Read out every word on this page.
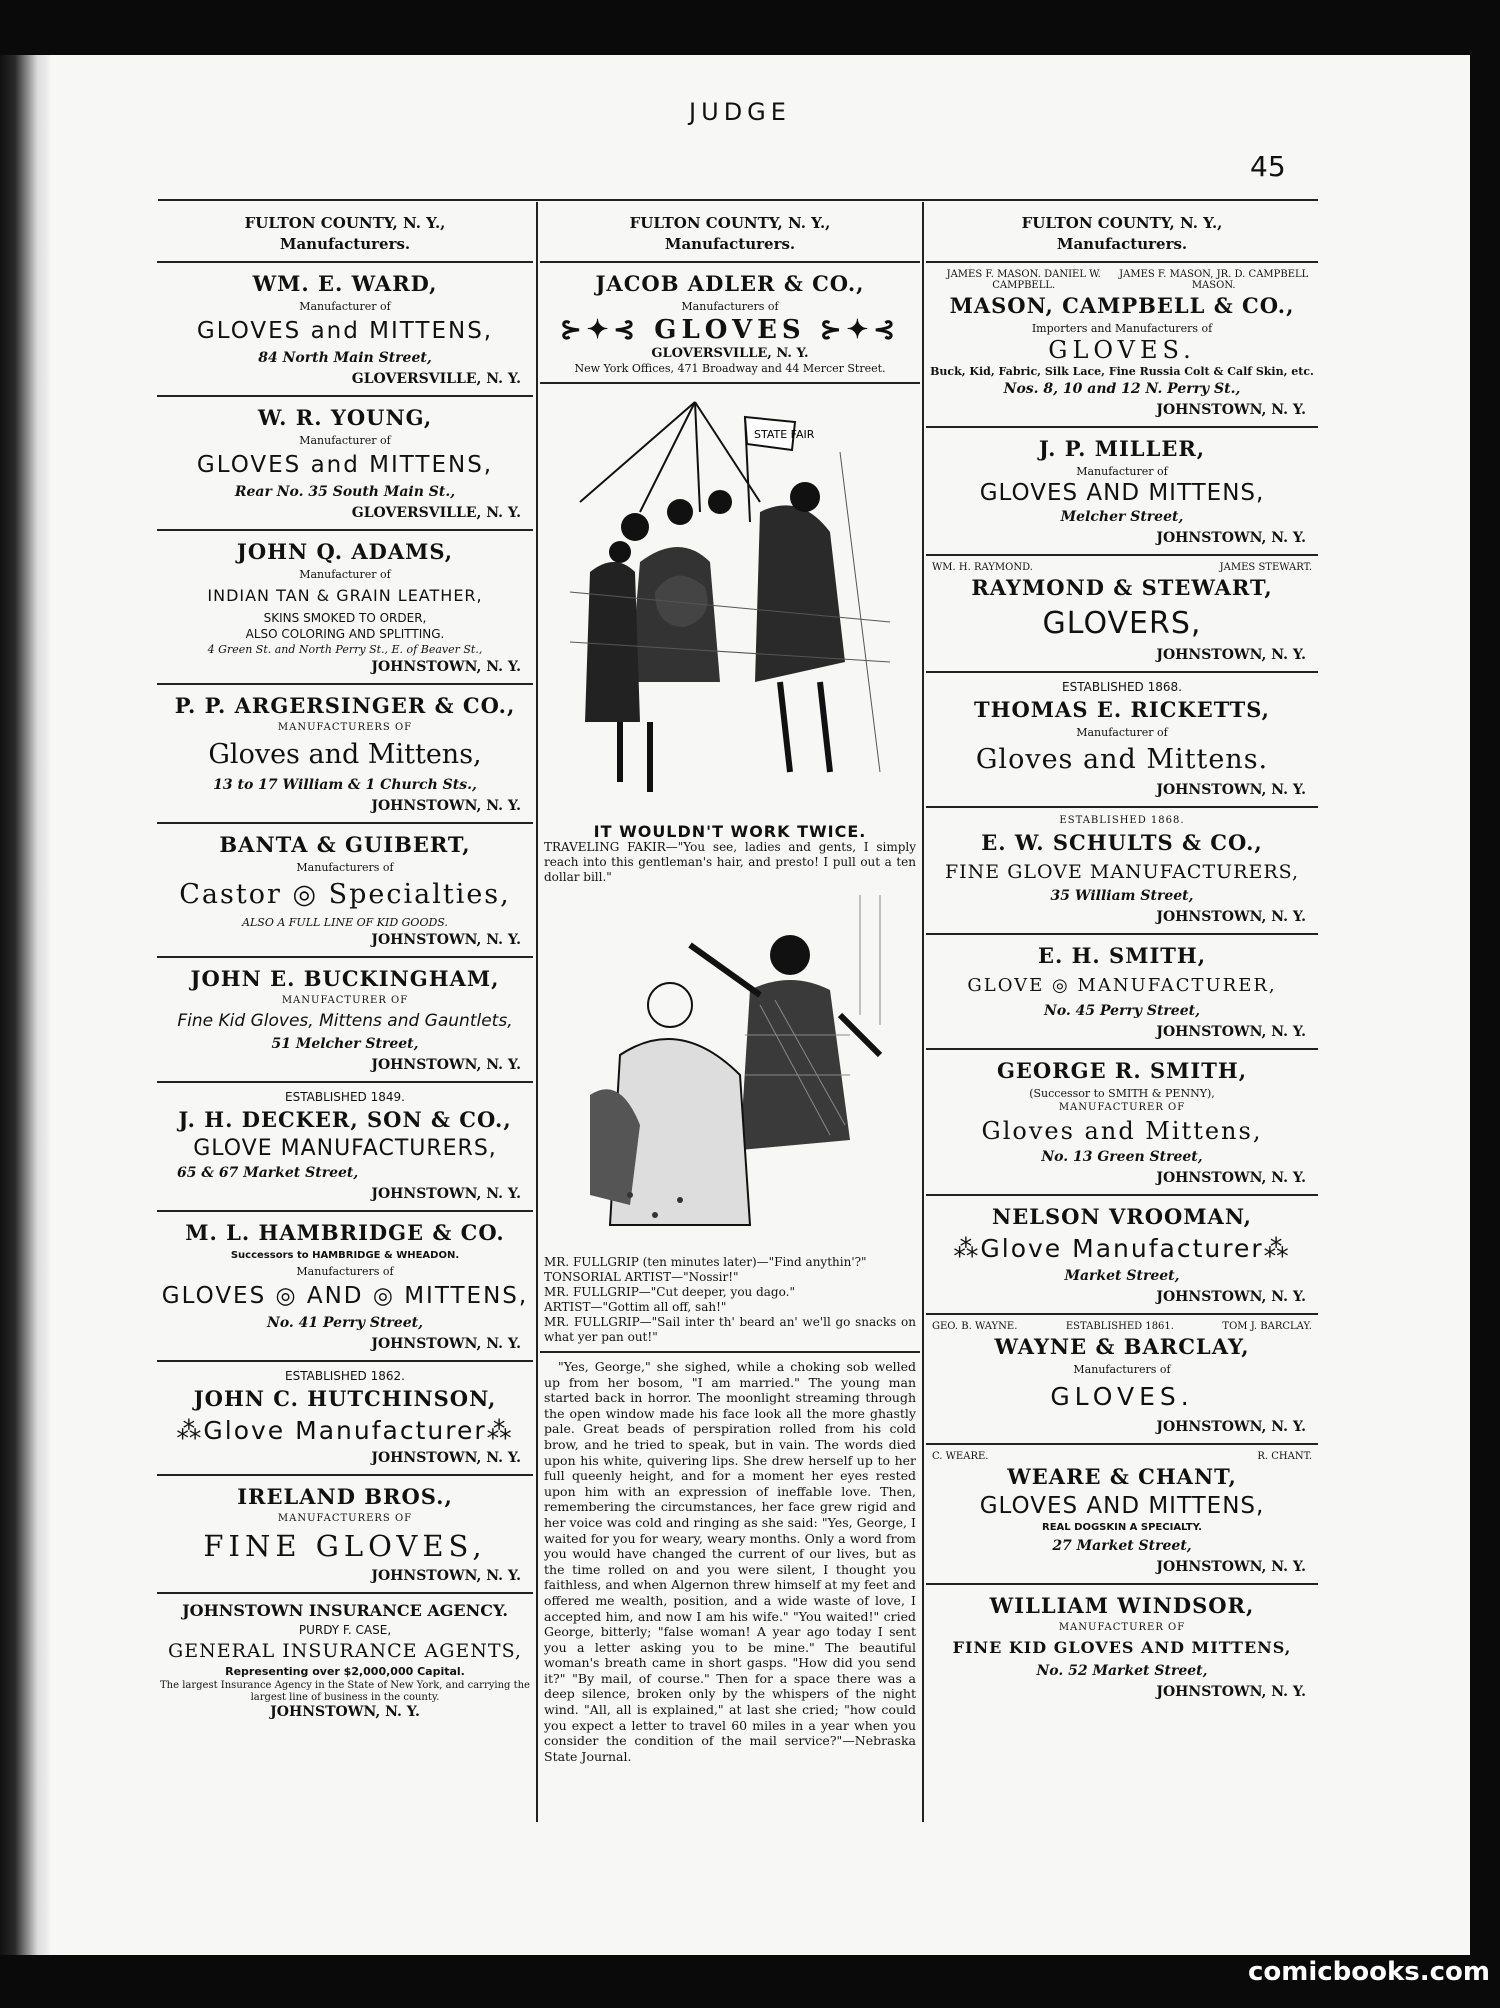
JUDGE
45
FULTON COUNTY, N. Y.,
Manufacturers.
WM. E. WARD,
Manufacturer of
GLOVES and MITTENS,
84 North Main Street,
GLOVERSVILLE, N. Y.
W. R. YOUNG,
Manufacturer of
GLOVES and MITTENS,
Rear No. 35 South Main St.,
GLOVERSVILLE, N. Y.
JOHN Q. ADAMS,
Manufacturer of
INDIAN TAN & GRAIN LEATHER,
SKINS SMOKED TO ORDER,
ALSO COLORING AND SPLITTING.
4 Green St. and North Perry St., E. of Beaver St.,
JOHNSTOWN, N. Y.
P. P. ARGERSINGER & CO.,
MANUFACTURERS OF
Gloves and Mittens,
13 to 17 William & 1 Church Sts.,
JOHNSTOWN, N. Y.
BANTA & GUIBERT,
Manufacturers of
Castor ◎ Specialties,
ALSO A FULL LINE OF KID GOODS.
JOHNSTOWN, N. Y.
JOHN E. BUCKINGHAM,
MANUFACTURER OF
Fine Kid Gloves, Mittens and Gauntlets,
51 Melcher Street,
JOHNSTOWN, N. Y.
ESTABLISHED 1849.
J. H. DECKER, SON & CO.,
GLOVE MANUFACTURERS,
65 & 67 Market Street,
JOHNSTOWN, N. Y.
M. L. HAMBRIDGE & CO.
Successors to HAMBRIDGE & WHEADON.
Manufacturers of
GLOVES ◎ AND ◎ MITTENS,
No. 41 Perry Street,
JOHNSTOWN, N. Y.
ESTABLISHED 1862.
JOHN C. HUTCHINSON,
⁂Glove Manufacturer⁂
JOHNSTOWN, N. Y.
IRELAND BROS.,
MANUFACTURERS OF
FINE GLOVES,
JOHNSTOWN, N. Y.
JOHNSTOWN INSURANCE AGENCY.
PURDY F. CASE,
GENERAL INSURANCE AGENTS,
Representing over $2,000,000 Capital.
The largest Insurance Agency in the State of New York, and carrying the largest line of business in the county.
JOHNSTOWN, N. Y.
FULTON COUNTY, N. Y.,
Manufacturers.
JACOB ADLER & CO.,
Manufacturers of
⊱✦⊰ GLOVES ⊱✦⊰
GLOVERSVILLE, N. Y.
New York Offices, 471 Broadway and 44 Mercer Street.
STATE FAIR
IT WOULDN'T WORK TWICE.
TRAVELING FAKIR—"You see, ladies and gents, I simply reach into this gentleman's hair, and presto! I pull out a ten dollar bill."
MR. FULLGRIP (ten minutes later)—"Find anythin'?"
TONSORIAL ARTIST—"Nossir!"
MR. FULLGRIP—"Cut deeper, you dago."
ARTIST—"Gottim all off, sah!"
MR. FULLGRIP—"Sail inter th' beard an' we'll go snacks on what yer pan out!"
"Yes, George," she sighed, while a choking sob welled up from her bosom, "I am married." The young man started back in horror. The moonlight streaming through the open window made his face look all the more ghastly pale. Great beads of perspiration rolled from his cold brow, and he tried to speak, but in vain. The words died upon his white, quivering lips. She drew herself up to her full queenly height, and for a moment her eyes rested upon him with an expression of ineffable love. Then, remembering the circumstances, her face grew rigid and her voice was cold and ringing as she said: "Yes, George, I waited for you for weary, weary months. Only a word from you would have changed the current of our lives, but as the time rolled on and you were silent, I thought you faithless, and when Algernon threw himself at my feet and offered me wealth, position, and a wide waste of love, I accepted him, and now I am his wife." "You waited!" cried George, bitterly; "false woman! A year ago today I sent you a letter asking you to be mine." The beautiful woman's breath came in short gasps. "How did you send it?" "By mail, of course." Then for a space there was a deep silence, broken only by the whispers of the night wind. "All, all is explained," at last she cried; "how could you expect a letter to travel 60 miles in a year when you consider the condition of the mail service?"—Nebraska State Journal.
FULTON COUNTY, N. Y.,
Manufacturers.
JAMES F. MASON. DANIEL W. CAMPBELL.
JAMES F. MASON, JR. D. CAMPBELL MASON.
MASON, CAMPBELL & CO.,
Importers and Manufacturers of
GLOVES.
Buck, Kid, Fabric, Silk Lace, Fine Russia Colt & Calf Skin, etc.
Nos. 8, 10 and 12 N. Perry St.,
JOHNSTOWN, N. Y.
J. P. MILLER,
Manufacturer of
GLOVES AND MITTENS,
Melcher Street,
JOHNSTOWN, N. Y.
WM. H. RAYMOND.	JAMES STEWART.
RAYMOND & STEWART,
GLOVERS,
JOHNSTOWN, N. Y.
ESTABLISHED 1868.
THOMAS E. RICKETTS,
Manufacturer of
Gloves and Mittens.
JOHNSTOWN, N. Y.
ESTABLISHED 1868.
E. W. SCHULTS & CO.,
FINE GLOVE MANUFACTURERS,
35 William Street,
JOHNSTOWN, N. Y.
E. H. SMITH,
GLOVE ◎ MANUFACTURER,
No. 45 Perry Street,
JOHNSTOWN, N. Y.
GEORGE R. SMITH,
(Successor to SMITH & PENNY),
MANUFACTURER OF
Gloves and Mittens,
No. 13 Green Street,
JOHNSTOWN, N. Y.
NELSON VROOMAN,
⁂Glove Manufacturer⁂
Market Street,
JOHNSTOWN, N. Y.
GEO. B. WAYNE.	ESTABLISHED 1861.	TOM J. BARCLAY.
WAYNE & BARCLAY,
Manufacturers of
GLOVES.
JOHNSTOWN, N. Y.
C. WEARE.	R. CHANT.
WEARE & CHANT,
GLOVES AND MITTENS,
REAL DOGSKIN A SPECIALTY.
27 Market Street,
JOHNSTOWN, N. Y.
WILLIAM WINDSOR,
MANUFACTURER OF
FINE KID GLOVES AND MITTENS,
No. 52 Market Street,
JOHNSTOWN, N. Y.
comicbooks.com
